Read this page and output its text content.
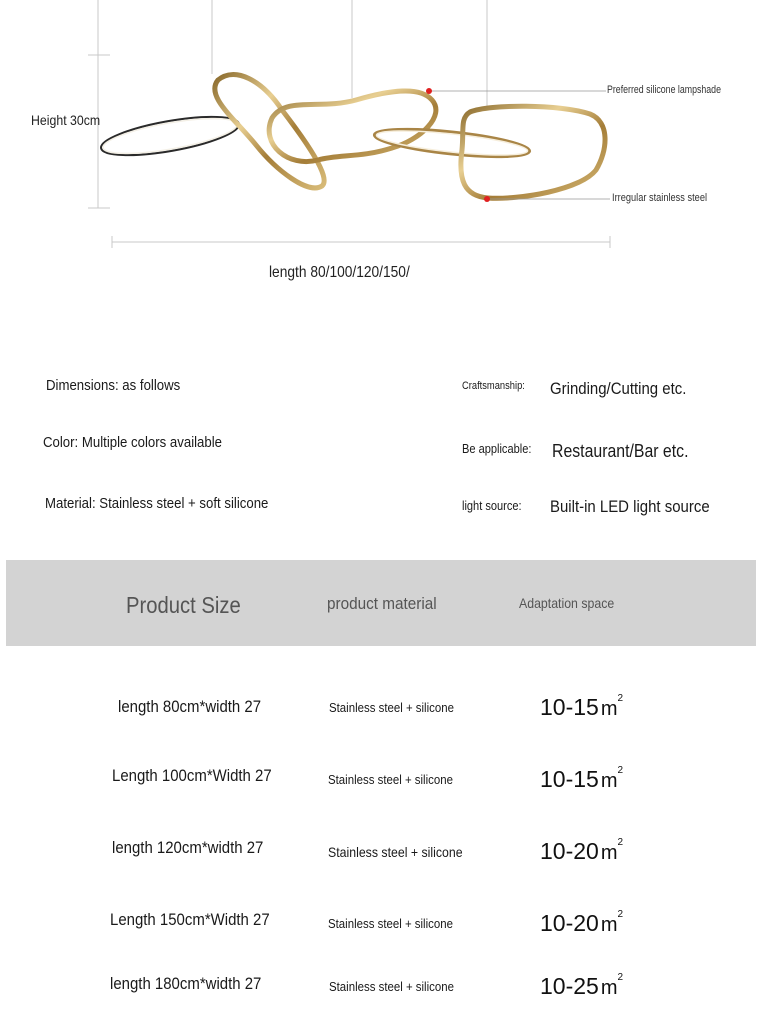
Height 30cm
Preferred silicone lampshade
Irregular stainless steel
length 80/100/120/150/
Dimensions: as follows
Color: Multiple colors available
Material: Stainless steel + soft silicone
Craftsmanship: Grinding/Cutting etc.
Be applicable: Restaurant/Bar etc.
light source: Built-in LED light source
Product Size	product material	Adaptation space
length 80cm*width 27	Stainless steel + silicone	10-15 $m^2$
Length 100cm*Width 27	Stainless steel + silicone	10-15 $m^2$
length 120cm*width 27	Stainless steel + silicone	10-20 $m^2$
Length 150cm*Width 27	Stainless steel + silicone	10-20 $m^2$
length 180cm*width 27	Stainless steel + silicone	10-25 $m^2$
